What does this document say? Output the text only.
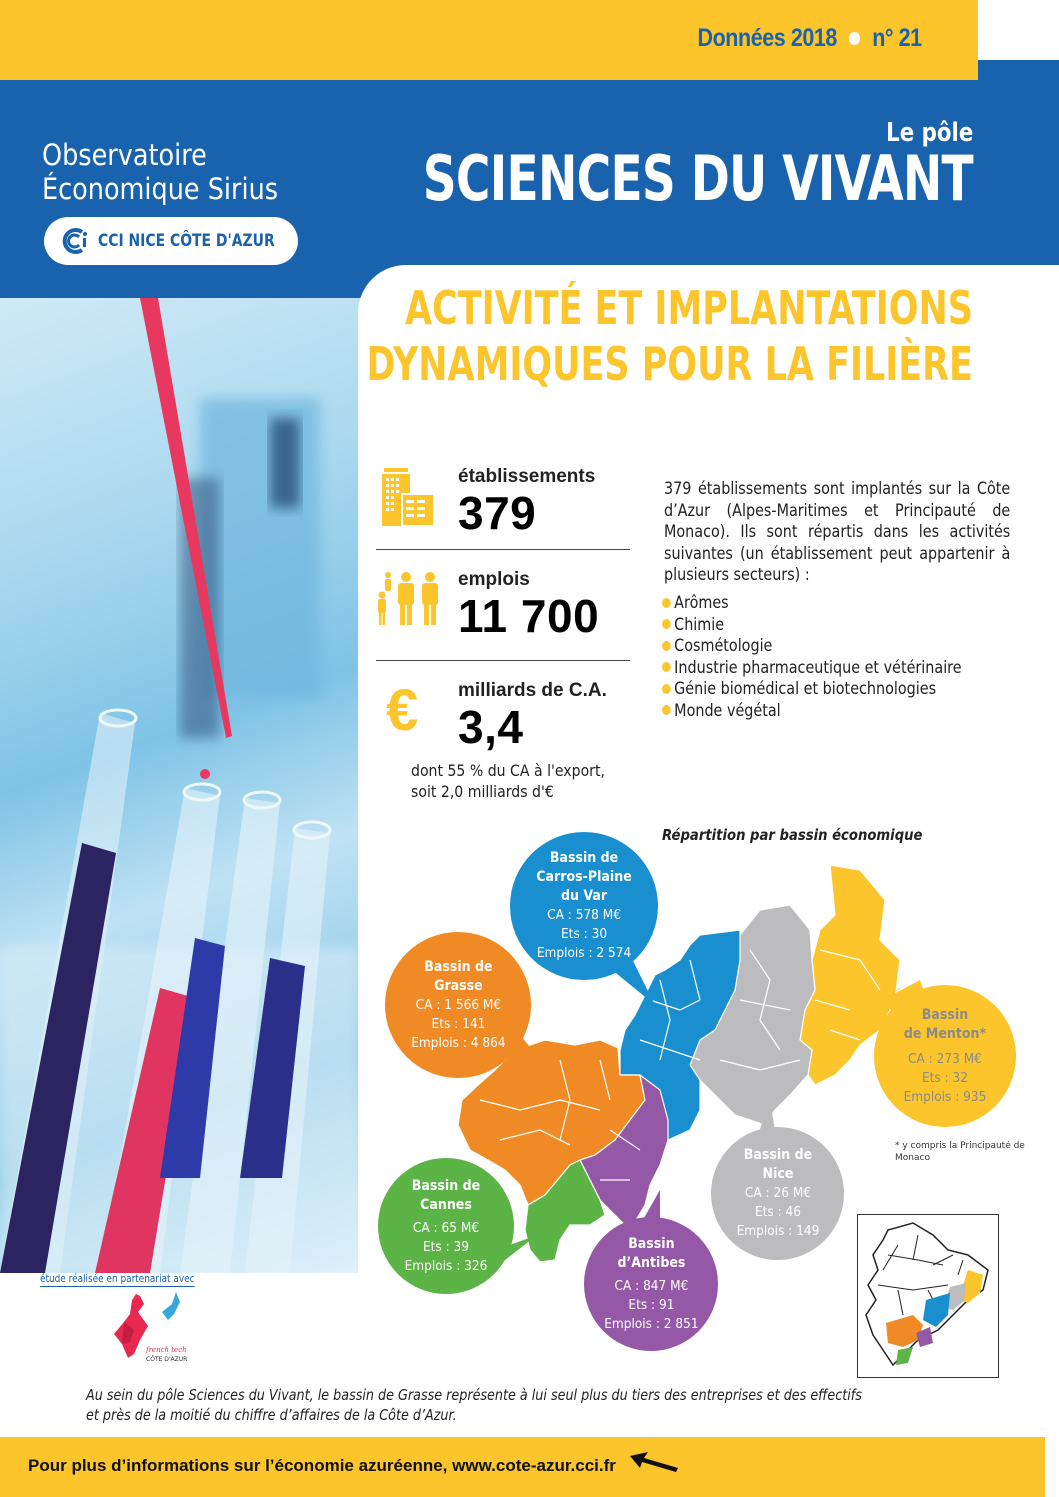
Données 2018 n° 21
Observatoire
Économique Sirius
CCI NICE CÔTE D'AZUR
Le pôle
SCIENCES DU VIVANT
ACTIVITÉ ET IMPLANTATIONS
DYNAMIQUES POUR LA FILIÈRE
établissements
379
emplois
11 700
€ milliards de C.A.
3,4
dont 55 % du CA à l'export,
soit 2,0 milliards d'€
379 établissements sont implantés sur la Côte d’Azur (Alpes-Maritimes et Principauté de Monaco). Ils sont répartis dans les activités suivantes (un établissement peut appartenir à plusieurs secteurs) :
Arômes
Chimie
Cosmétologie
Industrie pharmaceutique et vétérinaire
Génie biomédical et biotechnologies
Monde végétal
Répartition par bassin économique
Bassin de
Carros-Plaine
du Var
CA : 578 M€
Ets : 30
Emplois : 2 574
Bassin de
Grasse
CA : 1 566 M€
Ets : 141
Emplois : 4 864
Bassin
de Menton*
CA : 273 M€
Ets : 32
Emplois : 935
* y compris la Principauté de Monaco
Bassin de
Nice
CA : 26 M€
Ets : 46
Emplois : 149
Bassin de
Cannes
CA : 65 M€
Ets : 39
Emplois : 326
Bassin
d’Antibes
CA : 847 M€
Ets : 91
Emplois : 2 851
étude réalisée en partenariat avec
french tech
CÔTE D'AZUR
Au sein du pôle Sciences du Vivant, le bassin de Grasse représente à lui seul plus du tiers des entreprises et des effectifs
et près de la moitié du chiffre d’affaires de la Côte d’Azur.
Pour plus d’informations sur l’économie azuréenne, www.cote-azur.cci.fr
